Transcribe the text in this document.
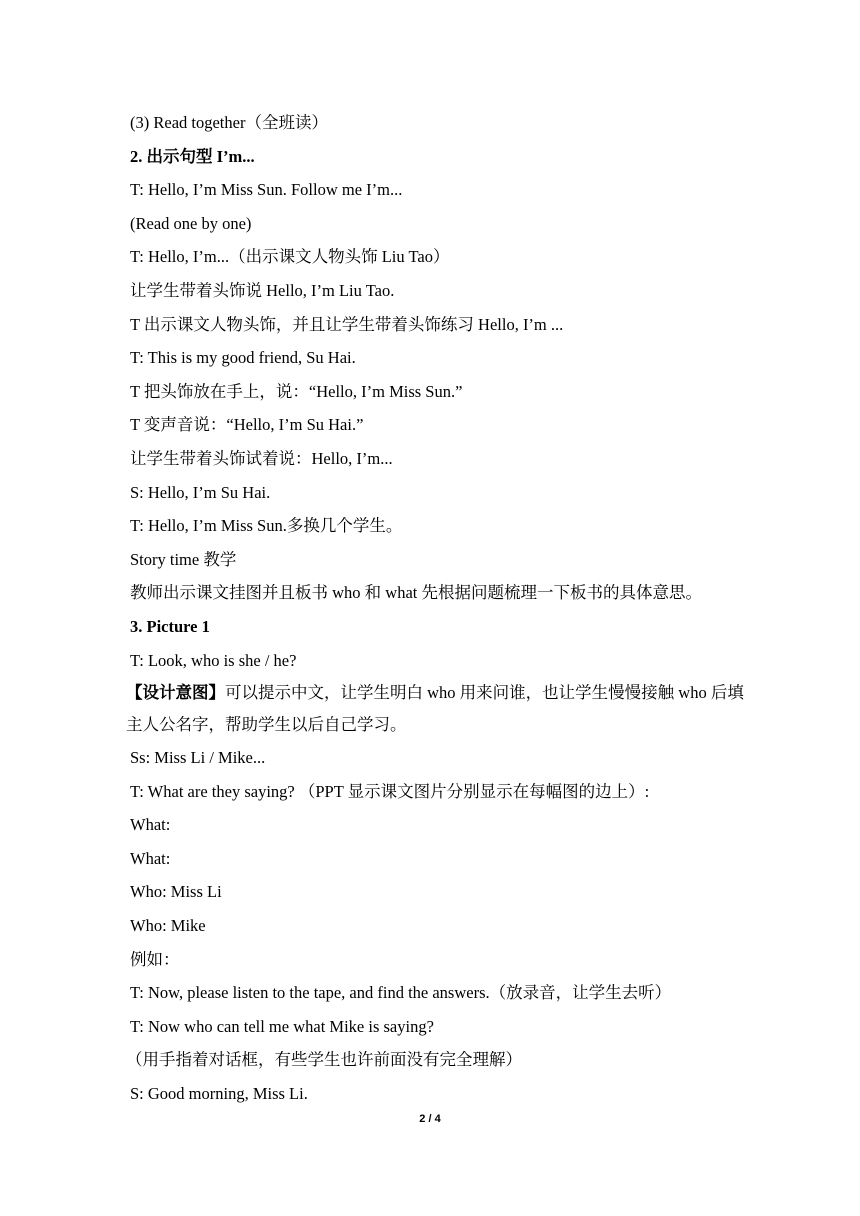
(3) Read together（全班读）
2. 出示句型 I’m...
T: Hello, I’m Miss Sun. Follow me I’m...
(Read one by one)
T: Hello, I’m...（出示课文人物头饰 Liu Tao）
让学生带着头饰说 Hello, I’m Liu Tao.
T 出示课文人物头饰，并且让学生带着头饰练习 Hello, I’m ...
T: This is my good friend, Su Hai.
T 把头饰放在手上，说：“Hello, I’m Miss Sun.”
T 变声音说：“Hello, I’m Su Hai.”
让学生带着头饰试着说：Hello, I’m...
S: Hello, I’m Su Hai.
T: Hello, I’m Miss Sun.多换几个学生。
Story time 教学
教师出示课文挂图并且板书 who 和 what 先根据问题梳理一下板书的具体意思。
3. Picture 1
T: Look, who is she / he?
【设计意图】可以提示中文，让学生明白 who 用来问谁，也让学生慢慢接触 who 后填主人公名字，帮助学生以后自己学习。
Ss: Miss Li / Mike...
T: What are they saying? （PPT 显示课文图片分别显示在每幅图的边上）:
What:
What:
Who: Miss Li
Who: Mike
例如：
T: Now, please listen to the tape, and find the answers.（放录音，让学生去听）
T: Now who can tell me what Mike is saying?
（用手指着对话框，有些学生也许前面没有完全理解）
S: Good morning, Miss Li.
2 / 4
